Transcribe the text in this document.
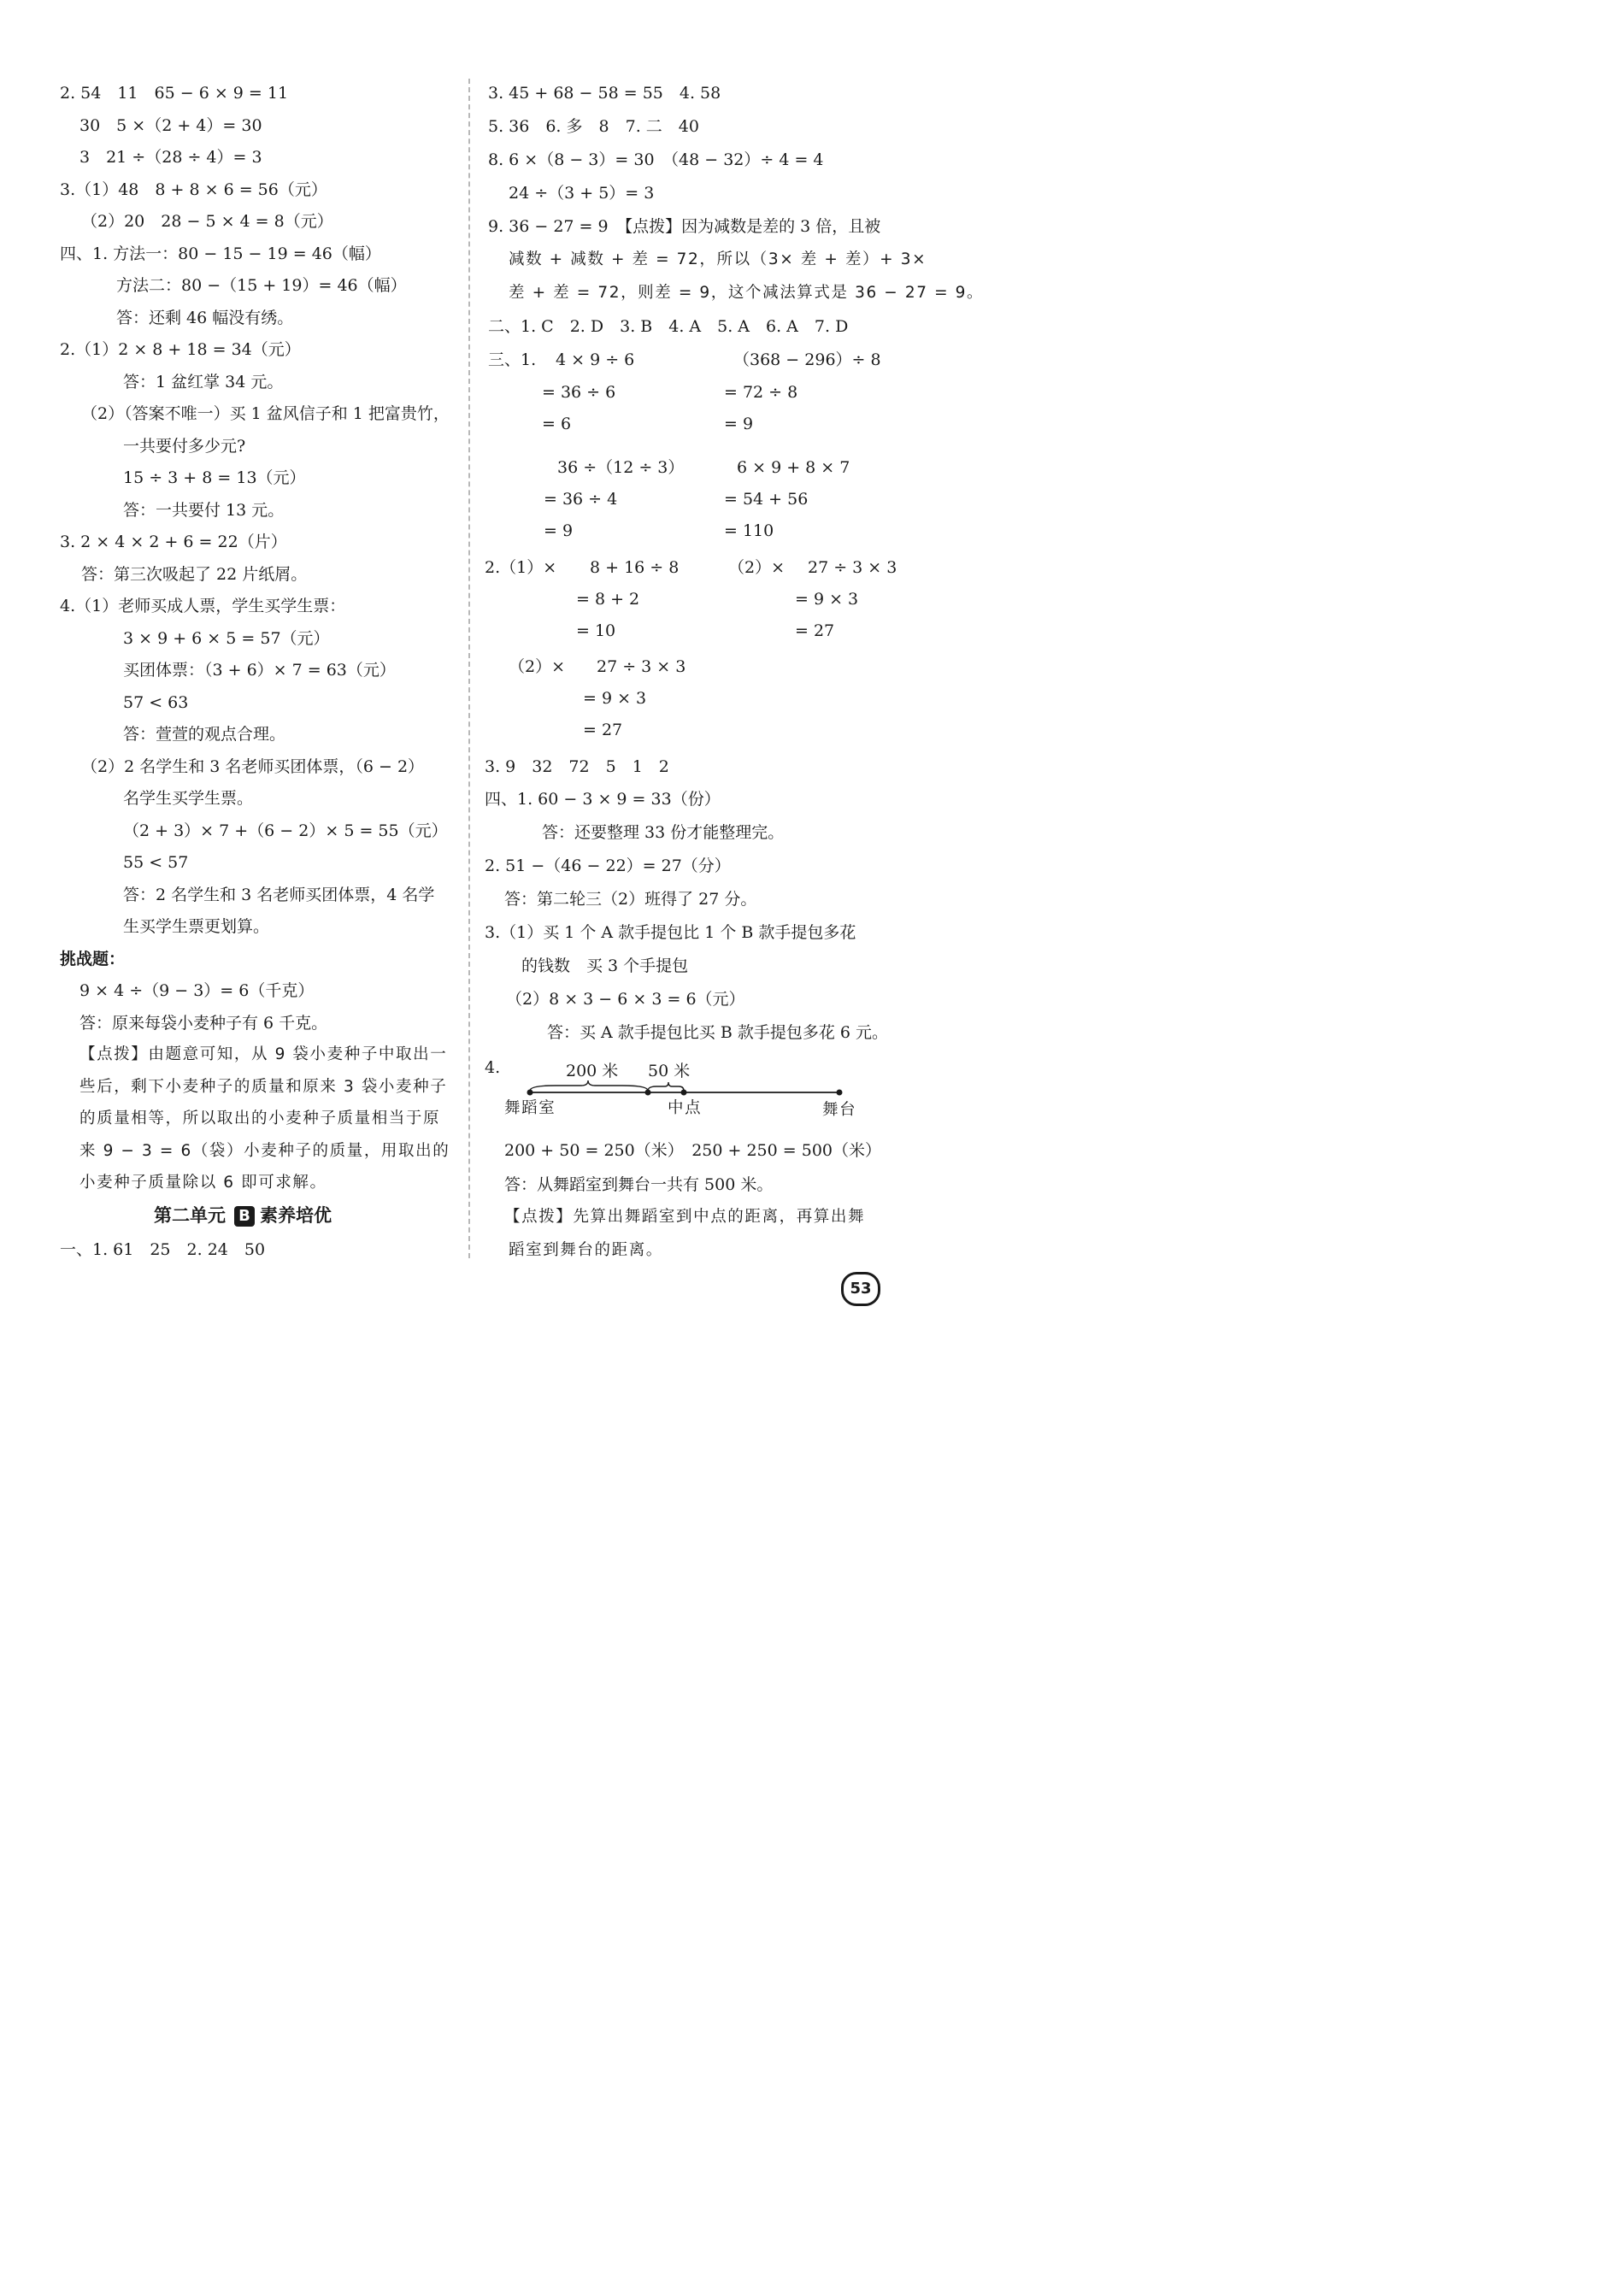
2. 54　11　65 − 6 × 9 = 11
30　5 ×（2 + 4）= 30
3　21 ÷（28 ÷ 4）= 3
3.（1）48　8 + 8 × 6 = 56（元）
（2）20　28 − 5 × 4 = 8（元）
四、1. 方法一：80 − 15 − 19 = 46（幅）
方法二：80 −（15 + 19）= 46（幅）
答：还剩 46 幅没有绣。
2.（1）2 × 8 + 18 = 34（元）
答：1 盆红掌 34 元。
（2）（答案不唯一）买 1 盆风信子和 1 把富贵竹，
一共要付多少元?
15 ÷ 3 + 8 = 13（元）
答：一共要付 13 元。
3. 2 × 4 × 2 + 6 = 22（片）
答：第三次吸起了 22 片纸屑。
4.（1）老师买成人票，学生买学生票：
3 × 9 + 6 × 5 = 57（元）
买团体票：（3 + 6）× 7 = 63（元）
57 < 63
答：萱萱的观点合理。
（2）2 名学生和 3 名老师买团体票，（6 − 2）
名学生买学生票。
（2 + 3）× 7 +（6 − 2）× 5 = 55（元）
55 < 57
答：2 名学生和 3 名老师买团体票，4 名学
生买学生票更划算。
挑战题：
9 × 4 ÷（9 − 3）= 6（千克）
答：原来每袋小麦种子有 6 千克。
【点拨】由题意可知，从 9 袋小麦种子中取出一
些后，剩下小麦种子的质量和原来 3 袋小麦种子
的质量相等，所以取出的小麦种子质量相当于原
来 9 − 3 = 6（袋）小麦种子的质量，用取出的
小麦种子质量除以 6 即可求解。
第二单元 B 素养培优
一、1. 61　25　2. 24　50
3. 45 + 68 − 58 = 55　4. 58
5. 36　6. 多　8　7. 二　40
8. 6 ×（8 − 3）= 30　（48 − 32）÷ 4 = 4
24 ÷（3 + 5）= 3
9. 36 − 27 = 9　【点拨】因为减数是差的 3 倍，且被
减数 + 减数 + 差 = 72，所以（3× 差 + 差）+ 3×
差 + 差 = 72，则差 = 9，这个减法算式是 36 − 27 = 9。
二、1. C　2. D　3. B　4. A　5. A　6. A　7. D
三、1. 4 × 9 ÷ 6
= 36 ÷ 6
= 6
（368 − 296）÷ 8
= 72 ÷ 8
= 9
36 ÷（12 ÷ 3）
= 36 ÷ 4
= 9
6 × 9 + 8 × 7
= 54 + 56
= 110
2.（1）× 8 + 16 ÷ 8
= 8 + 2
= 10
（2）× 27 ÷ 3 × 3
= 9 × 3
= 27
（2）× 27 ÷ 3 × 3
= 9 × 3
= 27
3. 9　32　72　5　1　2
四、1. 60 − 3 × 9 = 33（份）
答：还要整理 33 份才能整理完。
2. 51 −（46 − 22）= 27（分）
答：第二轮三（2）班得了 27 分。
3.（1）买 1 个 A 款手提包比 1 个 B 款手提包多花
的钱数　买 3 个手提包
（2）8 × 3 − 6 × 3 = 6（元）
答：买 A 款手提包比买 B 款手提包多花 6 元。
4.	200 米 50 米
舞蹈室	中点	舞台
200 + 50 = 250（米）　250 + 250 = 500（米）
答：从舞蹈室到舞台一共有 500 米。
【点拨】先算出舞蹈室到中点的距离，再算出舞
蹈室到舞台的距离。
53
